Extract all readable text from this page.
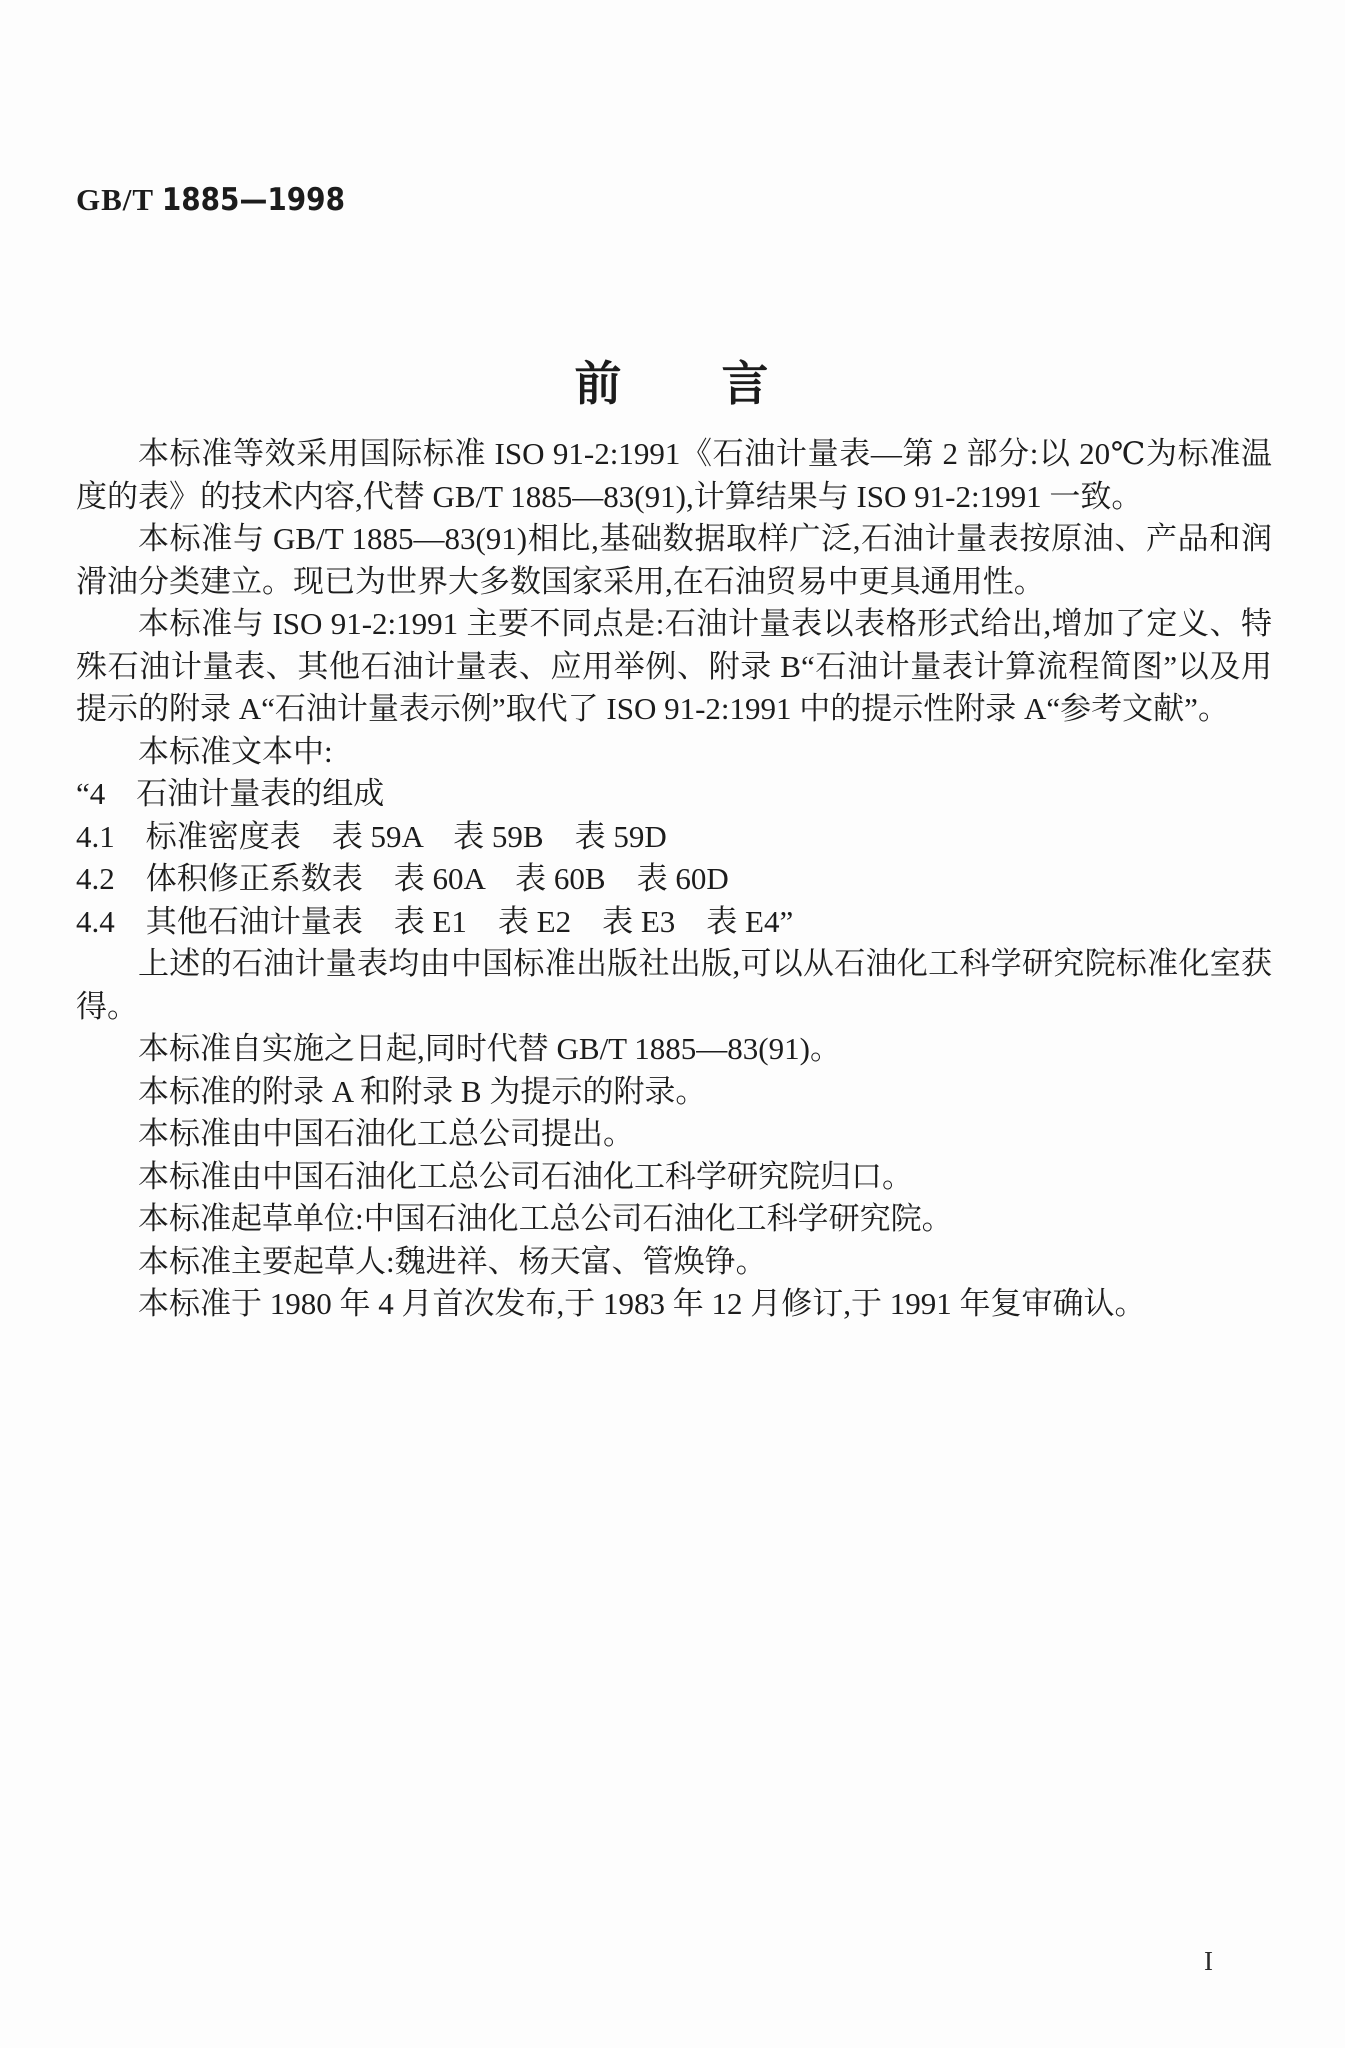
GB/T 1885—1998
前　　言

本标准等效采用国际标准 ISO 91-2:1991《石油计量表—第 2 部分:以 20℃为标准温度的表》的技术内容,代替 GB/T 1885—83(91),计算结果与 ISO 91-2:1991 一致。

本标准与 GB/T 1885—83(91)相比,基础数据取样广泛,石油计量表按原油、产品和润滑油分类建立。现已为世界大多数国家采用,在石油贸易中更具通用性。

本标准与 ISO 91-2:1991 主要不同点是:石油计量表以表格形式给出,增加了定义、特殊石油计量表、其他石油计量表、应用举例、附录 B“石油计量表计算流程简图”以及用提示的附录 A“石油计量表示例”取代了 ISO 91-2:1991 中的提示性附录 A“参考文献”。

本标准文本中:

“4　石油计量表的组成

4.1　标准密度表　表 59A　表 59B　表 59D

4.2　体积修正系数表　表 60A　表 60B　表 60D

4.4　其他石油计量表　表 E1　表 E2　表 E3　表 E4”

上述的石油计量表均由中国标准出版社出版,可以从石油化工科学研究院标准化室获得。

本标准自实施之日起,同时代替 GB/T 1885—83(91)。

本标准的附录 A 和附录 B 为提示的附录。

本标准由中国石油化工总公司提出。

本标准由中国石油化工总公司石油化工科学研究院归口。

本标准起草单位:中国石油化工总公司石油化工科学研究院。

本标准主要起草人:魏进祥、杨天富、管焕铮。

本标准于 1980 年 4 月首次发布,于 1983 年 12 月修订,于 1991 年复审确认。

I
